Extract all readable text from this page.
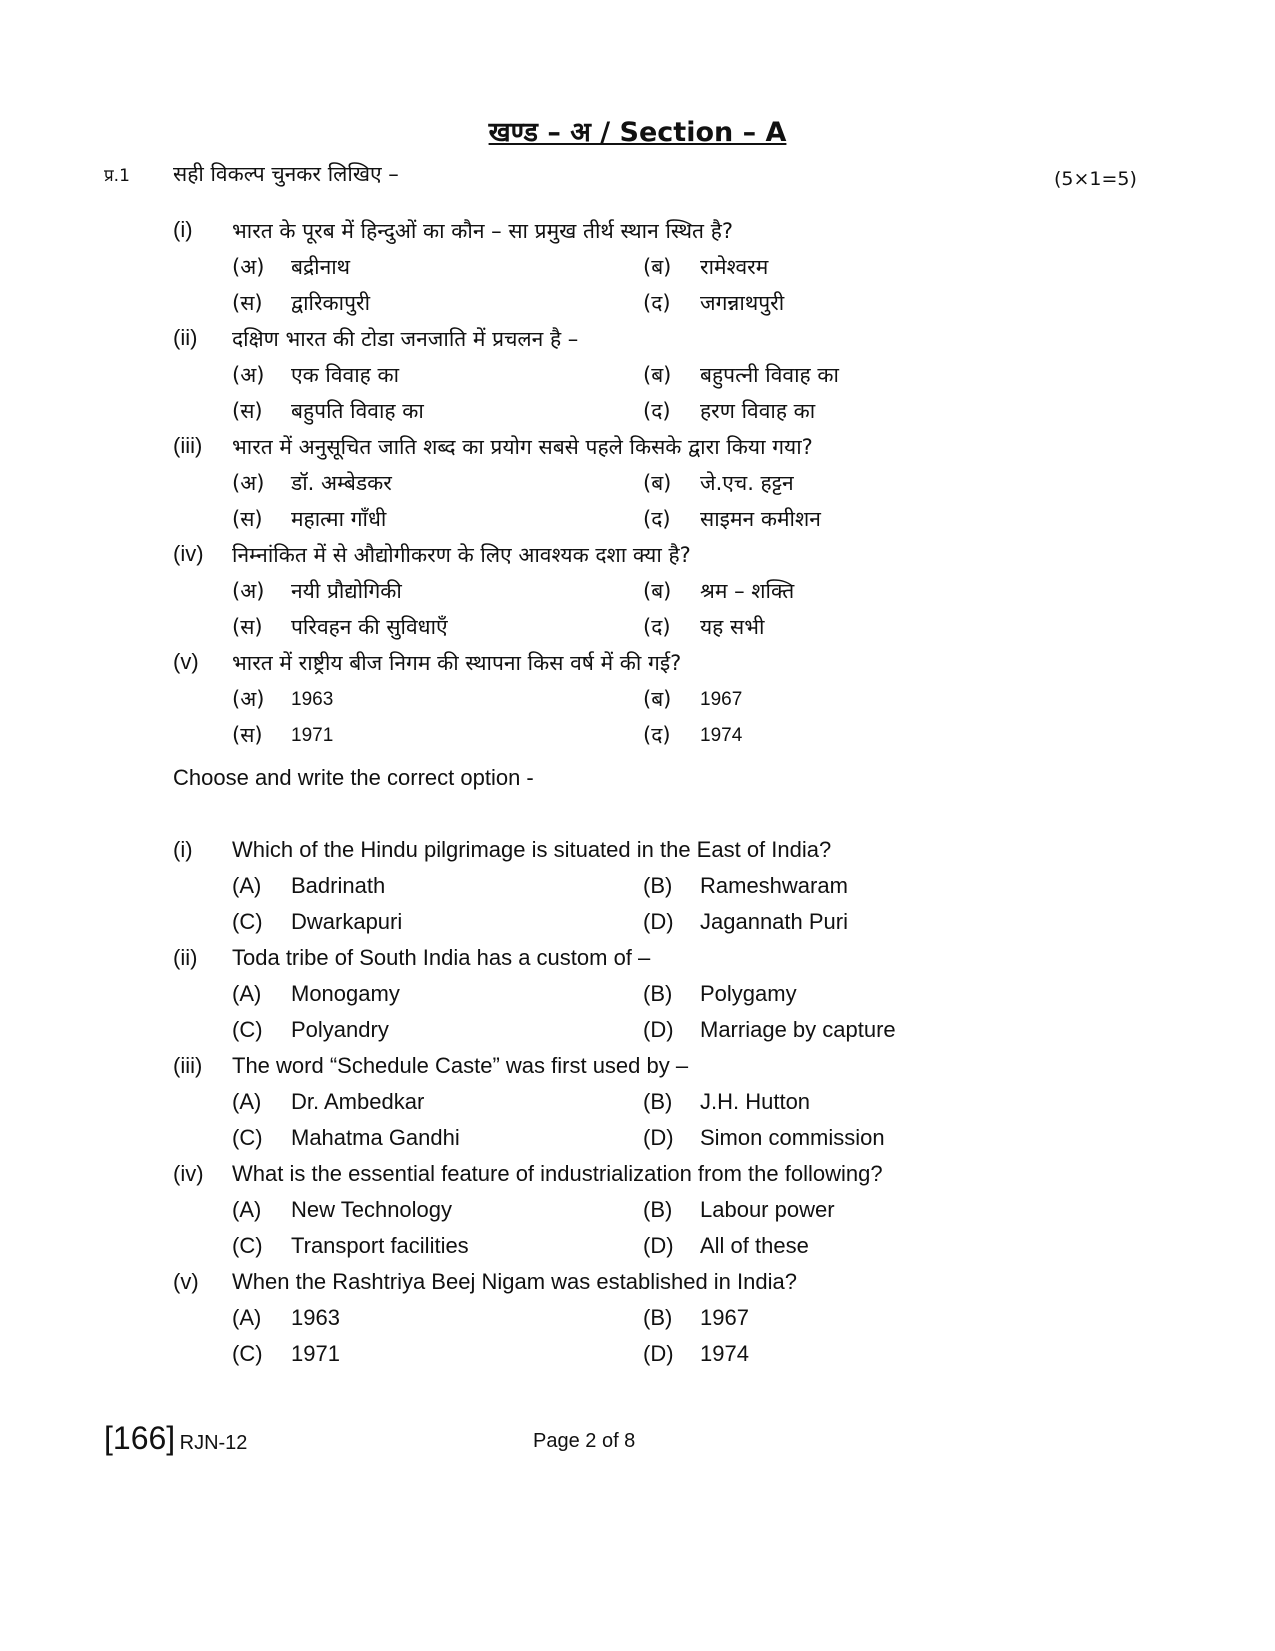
खण्ड – अ / Section – A
प्र.1 सही विकल्प चुनकर लिखिए –	(5×1=5)
(i) भारत के पूरब में हिन्दुओं का कौन – सा प्रमुख तीर्थ स्थान स्थित है?
(अ) बद्रीनाथ	(ब) रामेश्वरम
(स) द्वारिकापुरी	(द) जगन्नाथपुरी
(ii) दक्षिण भारत की टोडा जनजाति में प्रचलन है –
(अ) एक विवाह का	(ब) बहुपत्नी विवाह का
(स) बहुपति विवाह का	(द) हरण विवाह का
(iii) भारत में अनुसूचित जाति शब्द का प्रयोग सबसे पहले किसके द्वारा किया गया?
(अ) डॉ. अम्बेडकर	(ब) जे.एच. हट्टन
(स) महात्मा गाँधी	(द) साइमन कमीशन
(iv) निम्नांकित में से औद्योगीकरण के लिए आवश्यक दशा क्या है?
(अ) नयी प्रौद्योगिकी	(ब) श्रम – शक्ति
(स) परिवहन की सुविधाएँ	(द) यह सभी
(v) भारत में राष्ट्रीय बीज निगम की स्थापना किस वर्ष में की गई?
(अ) 1963	(ब) 1967
(स) 1971	(द) 1974
Choose and write the correct option -
(i) Which of the Hindu pilgrimage is situated in the East of India?
(A) Badrinath	(B) Rameshwaram
(C) Dwarkapuri	(D) Jagannath Puri
(ii) Toda tribe of South India has a custom of –
(A) Monogamy	(B) Polygamy
(C) Polyandry	(D) Marriage by capture
(iii) The word “Schedule Caste” was first used by –
(A) Dr. Ambedkar	(B) J.H. Hutton
(C) Mahatma Gandhi	(D) Simon commission
(iv) What is the essential feature of industrialization from the following?
(A) New Technology	(B) Labour power
(C) Transport facilities	(D) All of these
(v) When the Rashtriya Beej Nigam was established in India?
(A) 1963	(B) 1967
(C) 1971	(D) 1974
[166] RJN-12	Page 2 of 8
